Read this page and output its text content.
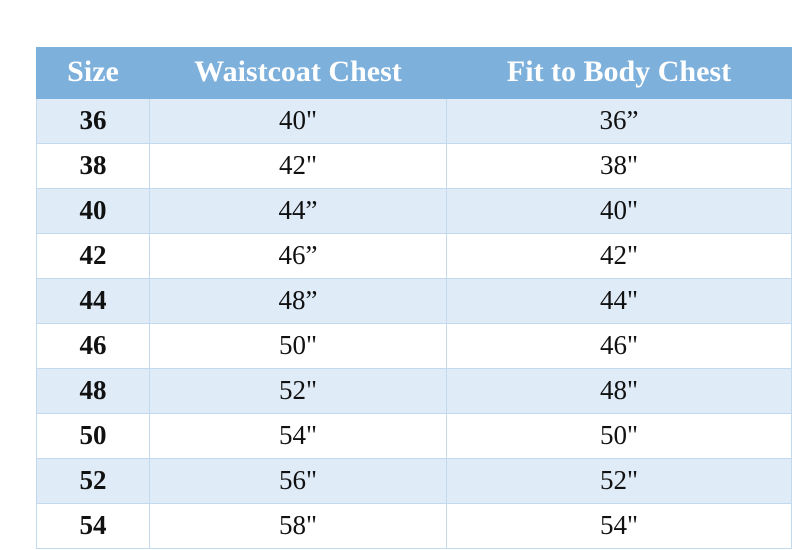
Size	Waistcoat Chest	Fit to Body Chest
36	40"	36”
38	42"	38"
40	44”	40"
42	46”	42"
44	48”	44"
46	50"	46"
48	52"	48"
50	54"	50"
52	56"	52"
54	58"	54"
